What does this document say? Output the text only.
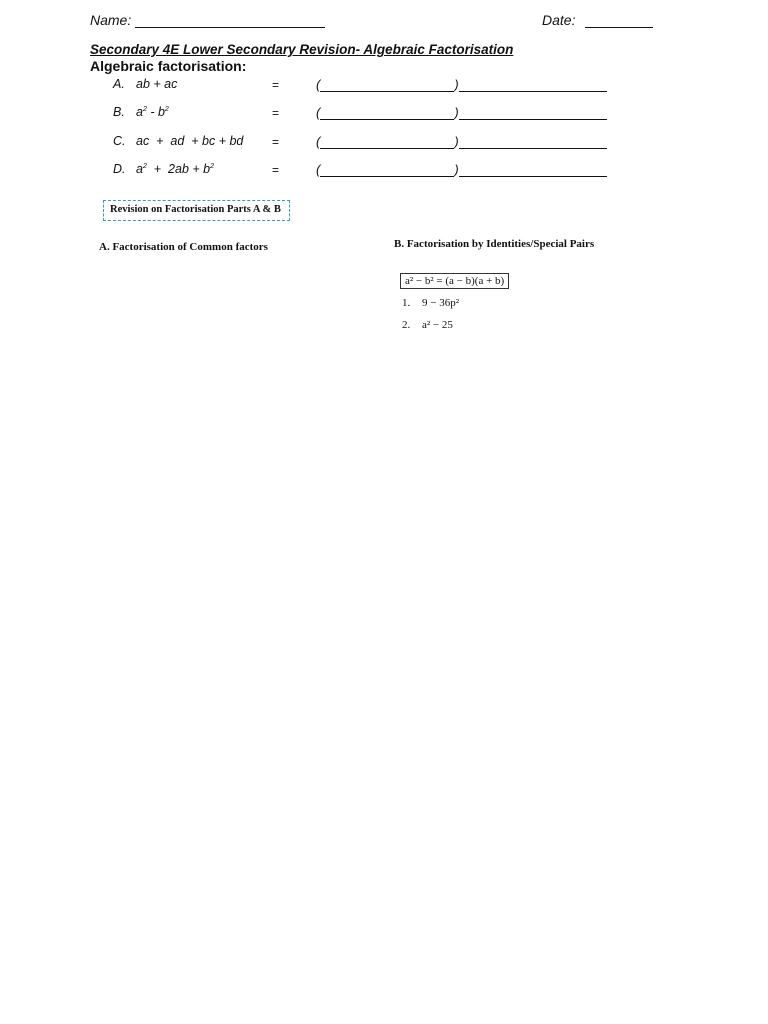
Name:	Date:
Secondary 4E Lower Secondary Revision- Algebraic Factorisation
Algebraic factorisation:
A. ab + ac	=	(	)
B. $a^2 - b^2$	=	(	)
C. ac  +  ad  + bc + bd =	(	)
D. $a^2 + 2ab + b^2$	=	(	)
Revision on Factorisation Parts A & B
A. Factorisation of Common factors	B. Factorisation by Identities/Special Pairs
a² − b² = (a − b)(a + b)
1. 9 − 36p²
2. a² − 25
